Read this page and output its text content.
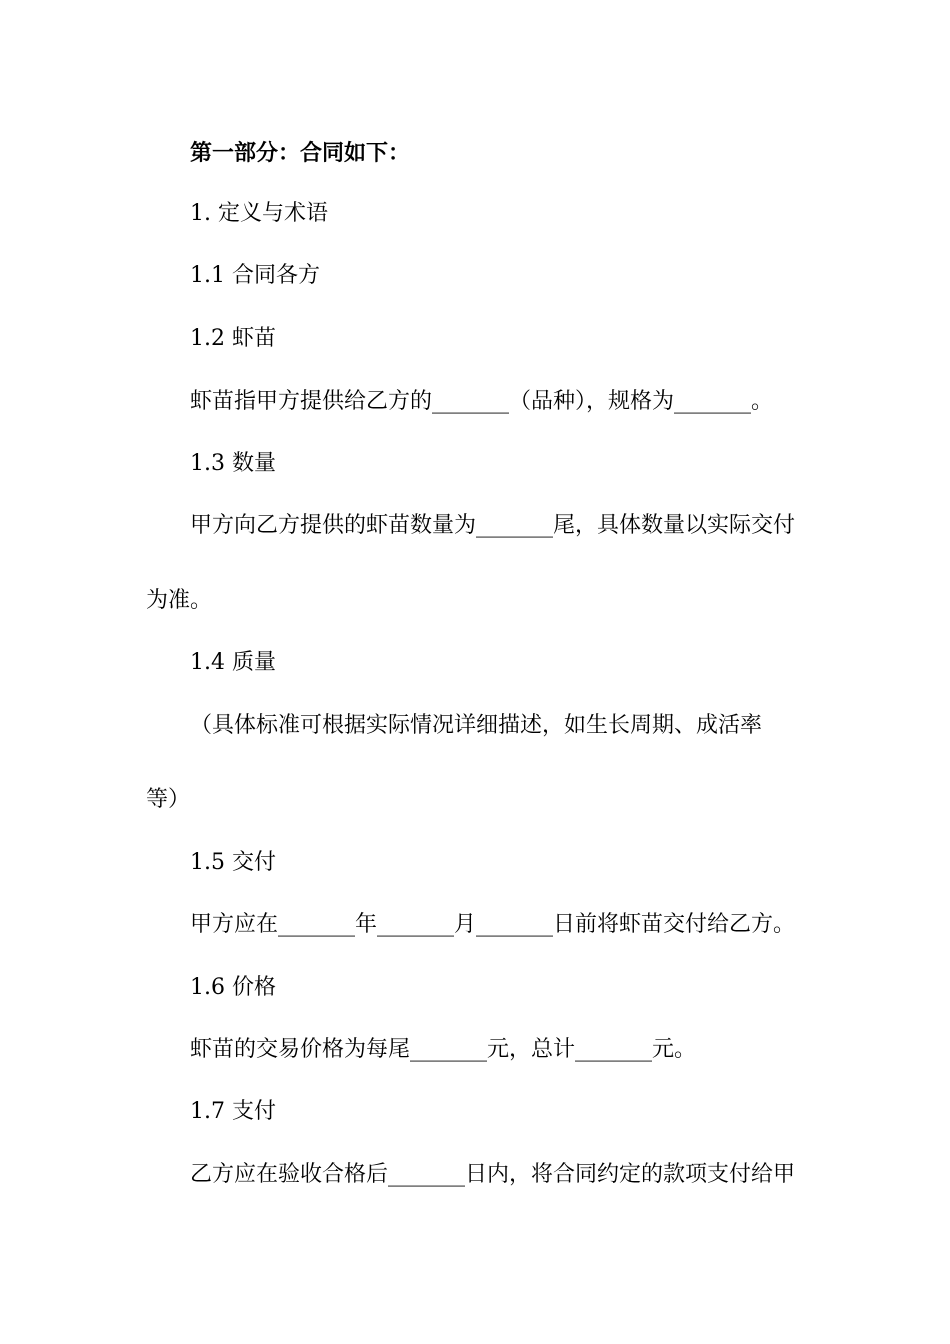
第一部分：合同如下：
1. 定义与术语
1.1 合同各方
1.2 虾苗
虾苗指甲方提供给乙方的_______（品种），规格为_______。
1.3 数量
甲方向乙方提供的虾苗数量为_______尾，具体数量以实际交付
为准。
1.4 质量
（具体标准可根据实际情况详细描述，如生长周期、成活率
等）
1.5 交付
甲方应在_______年_______月_______日前将虾苗交付给乙方。
1.6 价格
虾苗的交易价格为每尾_______元，总计_______元。
1.7 支付
乙方应在验收合格后_______日内，将合同约定的款项支付给甲
